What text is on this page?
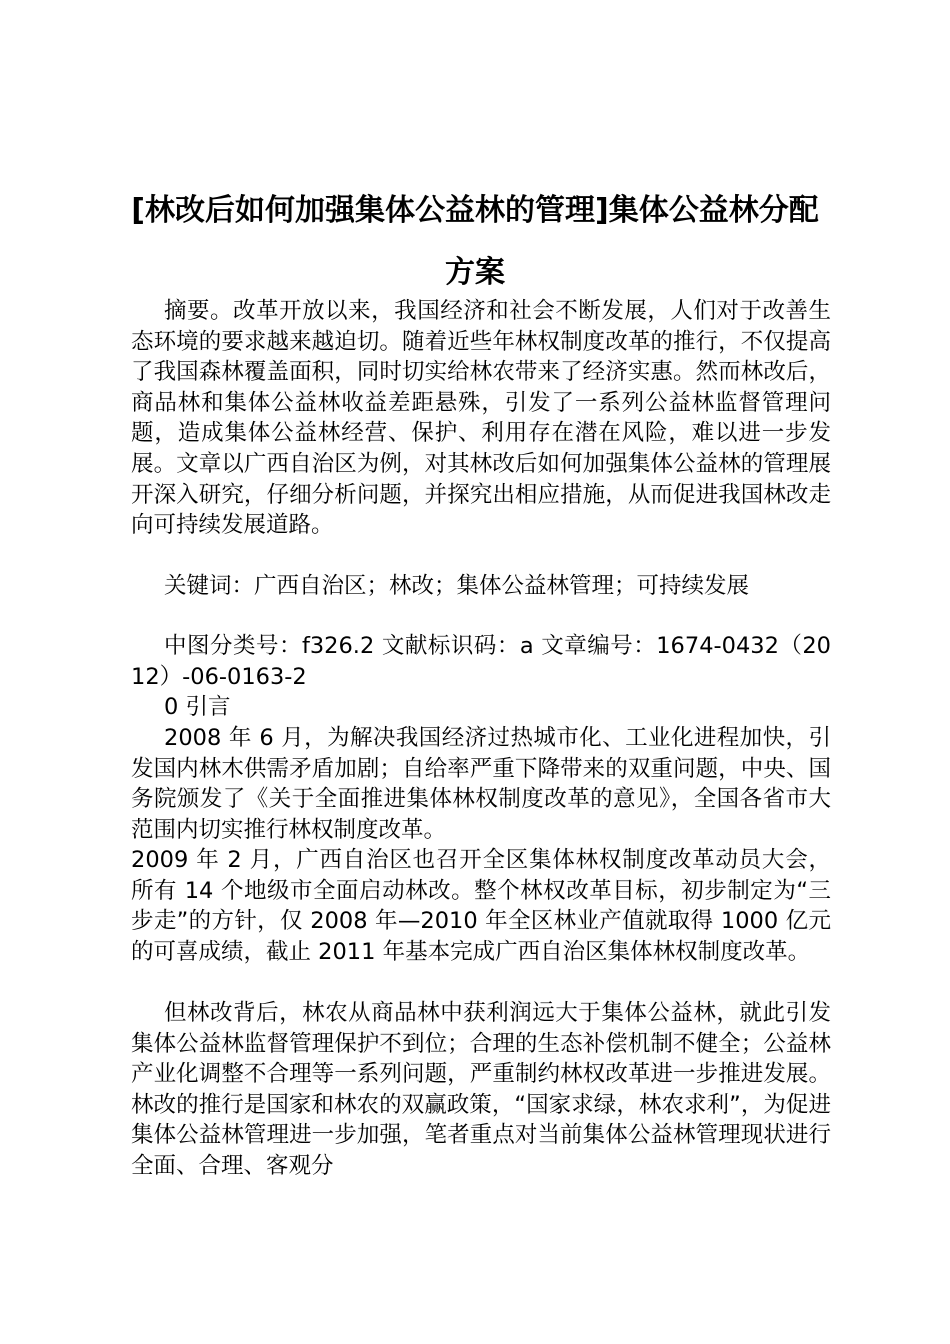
[林改后如何加强集体公益林的管理]集体公益林分配方案

摘要。改革开放以来，我国经济和社会不断发展，人们对于改善生态环境的要求越来越迫切。随着近些年林权制度改革的推行，不仅提高了我国森林覆盖面积，同时切实给林农带来了经济实惠。然而林改后，商品林和集体公益林收益差距悬殊，引发了一系列公益林监督管理问题，造成集体公益林经营、保护、利用存在潜在风险，难以进一步发展。文章以广西自治区为例，对其林改后如何加强集体公益林的管理展开深入研究，仔细分析问题，并探究出相应措施，从而促进我国林改走向可持续发展道路。

关键词：广西自治区；林改；集体公益林管理；可持续发展

中图分类号：f326.2 文献标识码：a 文章编号：1674-0432（2012）-06-0163-2

0 引言

2008 年 6 月，为解决我国经济过热城市化、工业化进程加快，引发国内林木供需矛盾加剧；自给率严重下降带来的双重问题，中央、国务院颁发了《关于全面推进集体林权制度改革的意见》，全国各省市大范围内切实推行林权制度改革。

2009 年 2 月，广西自治区也召开全区集体林权制度改革动员大会，所有 14 个地级市全面启动林改。整个林权改革目标，初步制定为“三步走”的方针，仅 2008 年—2010 年全区林业产值就取得 1000 亿元的可喜成绩，截止 2011 年基本完成广西自治区集体林权制度改革。

但林改背后，林农从商品林中获利润远大于集体公益林，就此引发集体公益林监督管理保护不到位；合理的生态补偿机制不健全；公益林产业化调整不合理等一系列问题，严重制约林权改革进一步推进发展。林改的推行是国家和林农的双赢政策，“国家求绿，林农求利”，为促进集体公益林管理进一步加强，笔者重点对当前集体公益林管理现状进行全面、合理、客观分
